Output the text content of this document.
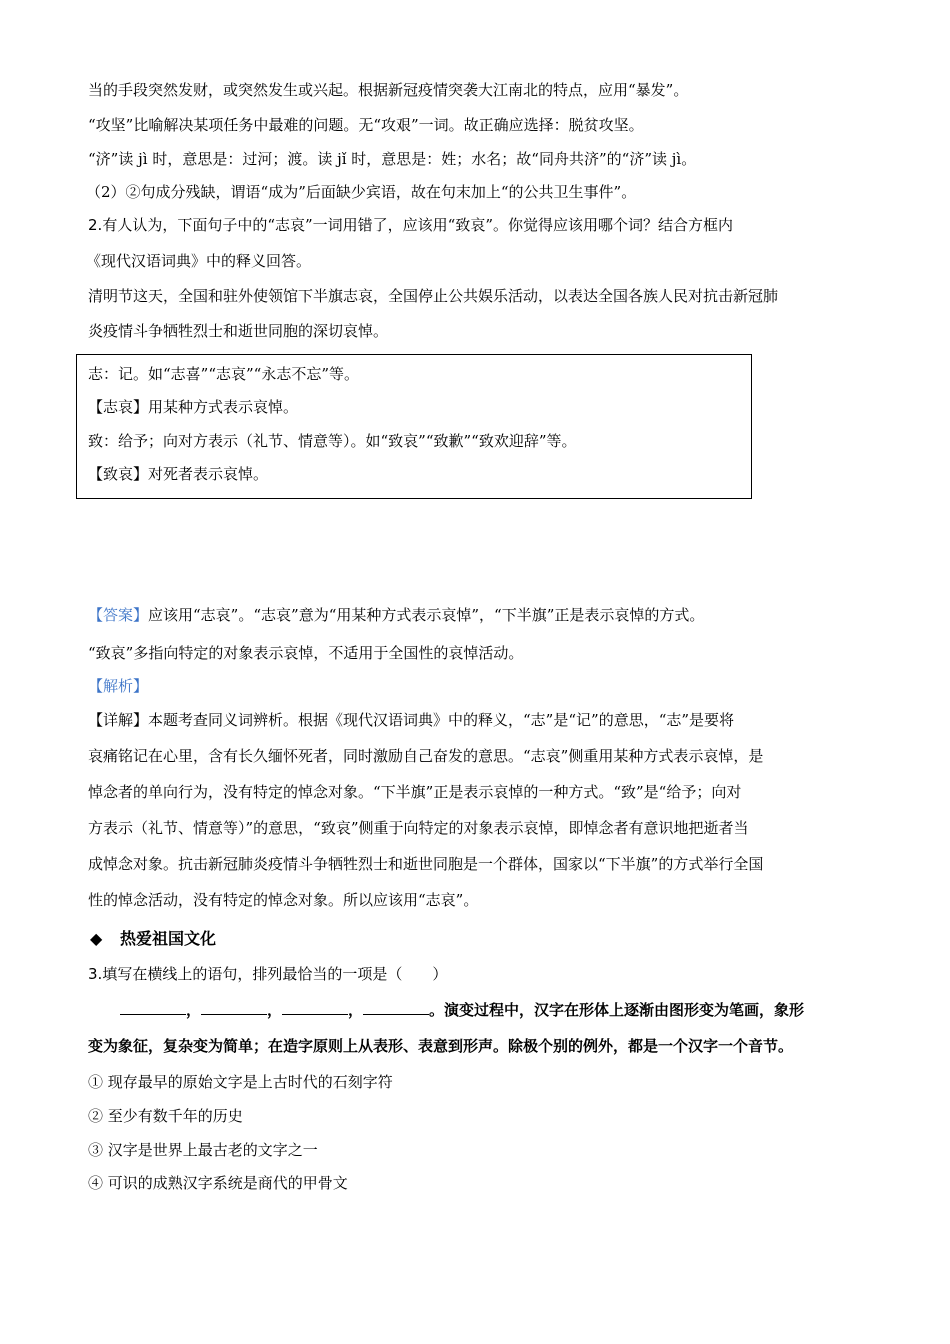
当的手段突然发财，或突然发生或兴起。根据新冠疫情突袭大江南北的特点，应用“暴发”。
“攻坚”比喻解决某项任务中最难的问题。无“攻艰”一词。故正确应选择：脱贫攻坚。
“济”读 jì 时，意思是：过河；渡。读 jǐ 时，意思是：姓；水名；故“同舟共济”的“济”读 jì。
（2）②句成分残缺，谓语“成为”后面缺少宾语，故在句末加上“的公共卫生事件”。
2.有人认为，下面句子中的“志哀”一词用错了，应该用“致哀”。你觉得应该用哪个词？结合方框内
《现代汉语词典》中的释义回答。
清明节这天，全国和驻外使领馆下半旗志哀，全国停止公共娱乐活动，以表达全国各族人民对抗击新冠肺
炎疫情斗争牺牲烈士和逝世同胞的深切哀悼。
志：记。如“志喜”“志哀”“永志不忘”等。
【志哀】用某种方式表示哀悼。
致：给予；向对方表示（礼节、情意等）。如“致哀”“致歉”“致欢迎辞”等。
【致哀】对死者表示哀悼。
【答案】应该用“志哀”。“志哀”意为“用某种方式表示哀悼”，“下半旗”正是表示哀悼的方式。
“致哀”多指向特定的对象表示哀悼，不适用于全国性的哀悼活动。
【解析】
【详解】本题考查同义词辨析。根据《现代汉语词典》中的释义，“志”是“记”的意思，“志”是要将
哀痛铭记在心里，含有长久缅怀死者，同时激励自己奋发的意思。“志哀”侧重用某种方式表示哀悼，是
悼念者的单向行为，没有特定的悼念对象。“下半旗”正是表示哀悼的一种方式。“致”是“给予；向对
方表示（礼节、情意等）”的意思，“致哀”侧重于向特定的对象表示哀悼，即悼念者有意识地把逝者当
成悼念对象。抗击新冠肺炎疫情斗争牺牲烈士和逝世同胞是一个群体，国家以“下半旗”的方式举行全国
性的悼念活动，没有特定的悼念对象。所以应该用“志哀”。
◆ 热爱祖国文化
3.填写在横线上的语句，排列最恰当的一项是（　　）
，	，	，	。演变过程中，汉字在形体上逐渐由图形变为笔画，象形
变为象征，复杂变为简单；在造字原则上从表形、表意到形声。除极个别的例外，都是一个汉字一个音节。
① 现存最早的原始文字是上古时代的石刻字符
② 至少有数千年的历史
③ 汉字是世界上最古老的文字之一
④ 可识的成熟汉字系统是商代的甲骨文
